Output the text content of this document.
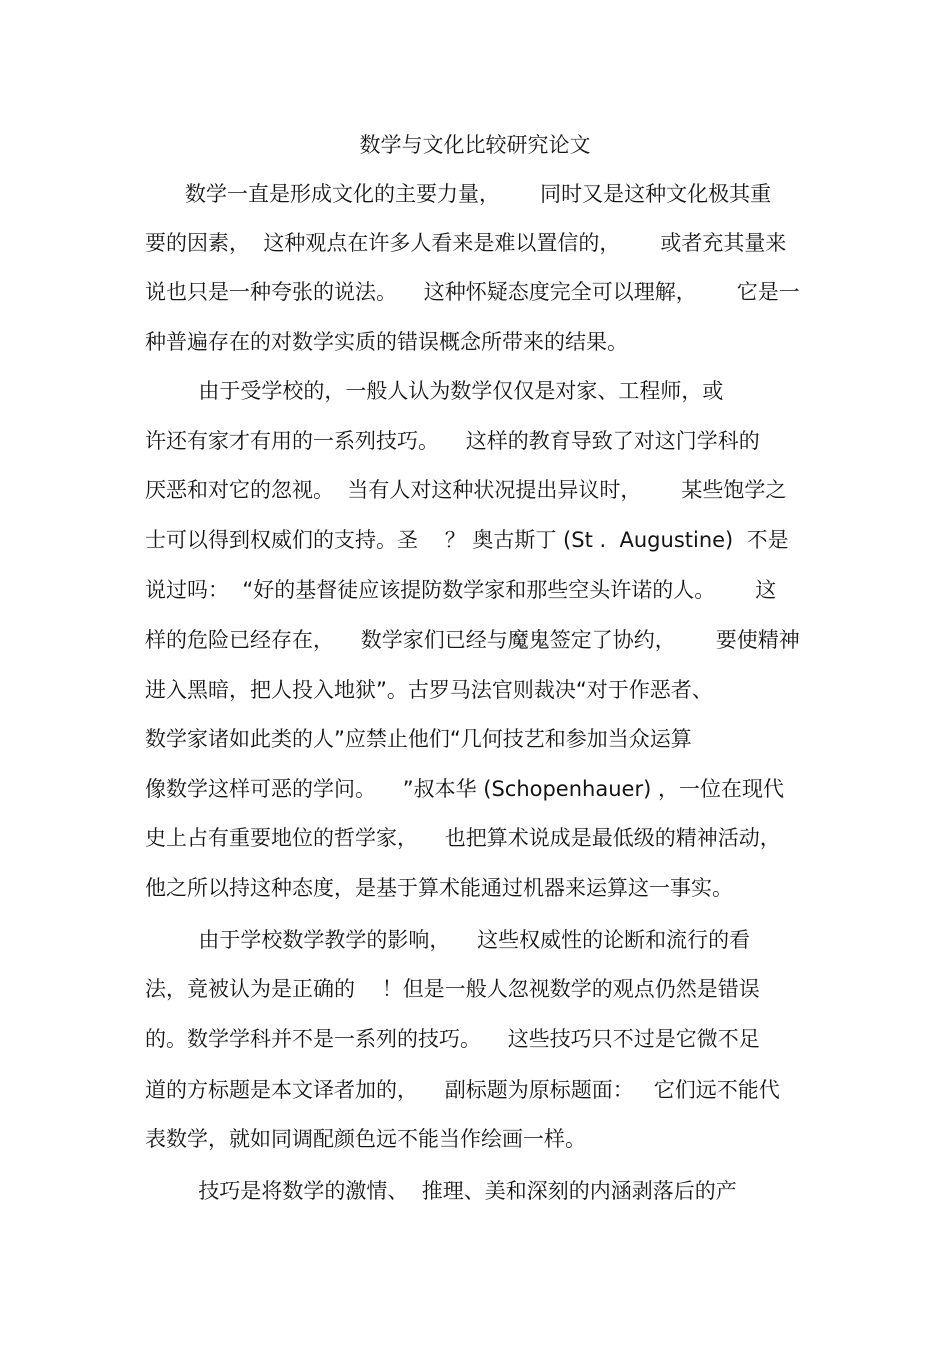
数学与文化比较研究论文
数学一直是形成文化的主要力量，      同时又是这种文化极其重
要的因素，  这种观点在许多人看来是难以置信的，      或者充其量来
说也只是一种夸张的说法。    这种怀疑态度完全可以理解，      它是一
种普遍存在的对数学实质的错误概念所带来的结果。
由于受学校的，一般人认为数学仅仅是对家、工程师，或
许还有家才有用的一系列技巧。    这样的教育导致了对这门学科的
厌恶和对它的忽视。  当有人对这种状况提出异议时，      某些饱学之
士可以得到权威们的支持。圣    ？ 奥古斯丁 (St .  Augustine)  不是
说过吗：  “好的基督徒应该提防数学家和那些空头许诺的人。      这
样的危险已经存在，    数学家们已经与魔鬼签定了协约，      要使精神
进入黑暗，把人投入地狱”。古罗马法官则裁决“对于作恶者、
数学家诸如此类的人”应禁止他们“几何技艺和参加当众运算
像数学这样可恶的学问。    ”叔本华 (Schopenhauer) ，一位在现代
史上占有重要地位的哲学家，    也把算术说成是最低级的精神活动，
他之所以持这种态度，是基于算术能通过机器来运算这一事实。
由于学校数学教学的影响，    这些权威性的论断和流行的看
法，竟被认为是正确的    ！但是一般人忽视数学的观点仍然是错误
的。数学学科并不是一系列的技巧。    这些技巧只不过是它微不足
道的方标题是本文译者加的，    副标题为原标题面：   它们远不能代
表数学，就如同调配颜色远不能当作绘画一样。
技巧是将数学的激情、  推理、美和深刻的内涵剥落后的产
